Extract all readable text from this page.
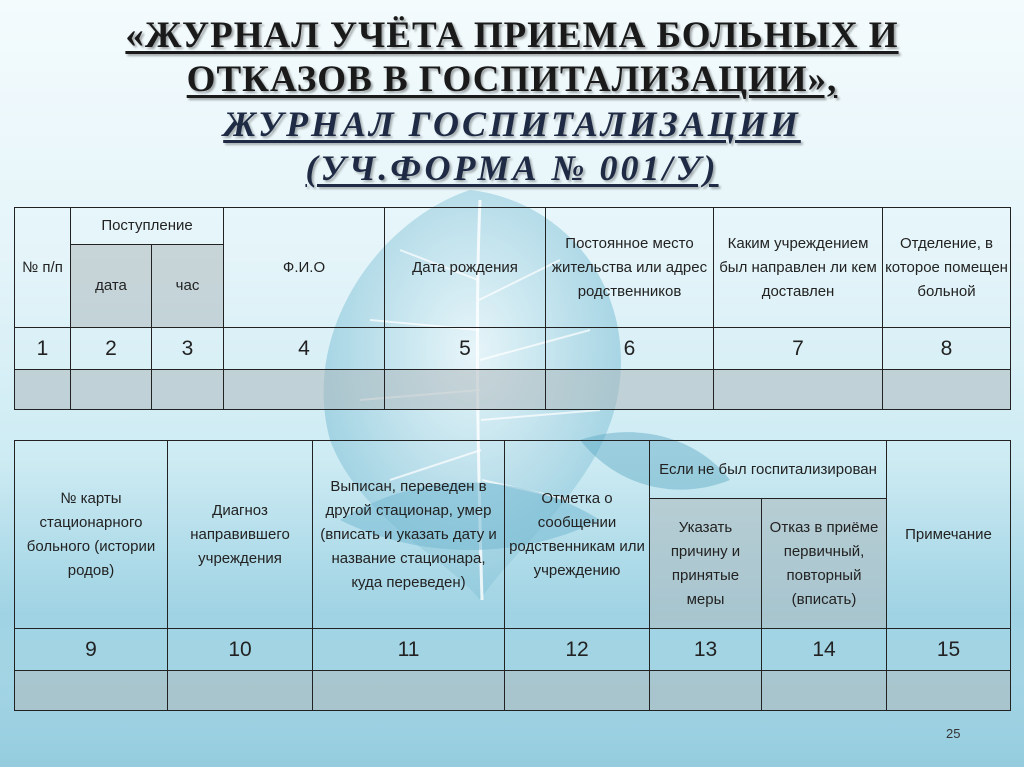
«ЖУРНАЛ УЧЁТА ПРИЕМА БОЛЬНЫХ И
ОТКАЗОВ В ГОСПИТАЛИЗАЦИИ»,
ЖУРНАЛ ГОСПИТАЛИЗАЦИИ
(УЧ.ФОРМА № 001/У)
№ п/п	Поступление		Ф.И.О	Дата рождения	Постоянное место жительства или адрес родственников	Каким учреждением был направлен ли кем доставлен	Отделение, в которое помещен больной
	дата	час					
1	2	3	4	5	6	7	8

№ карты стационарного больного (истории родов)	Диагноз направившего учреждения	Выписан, переведен в другой стационар, умер (вписать и указать дату и название стационара, куда переведен)	Отметка о сообщении родственникам или учреждению	Если не был госпитализирован		Примечание
				Указать причину и принятые меры	Отказ в приёме первичный, повторный (вписать)	
9	10	11	12	13	14	15

25
